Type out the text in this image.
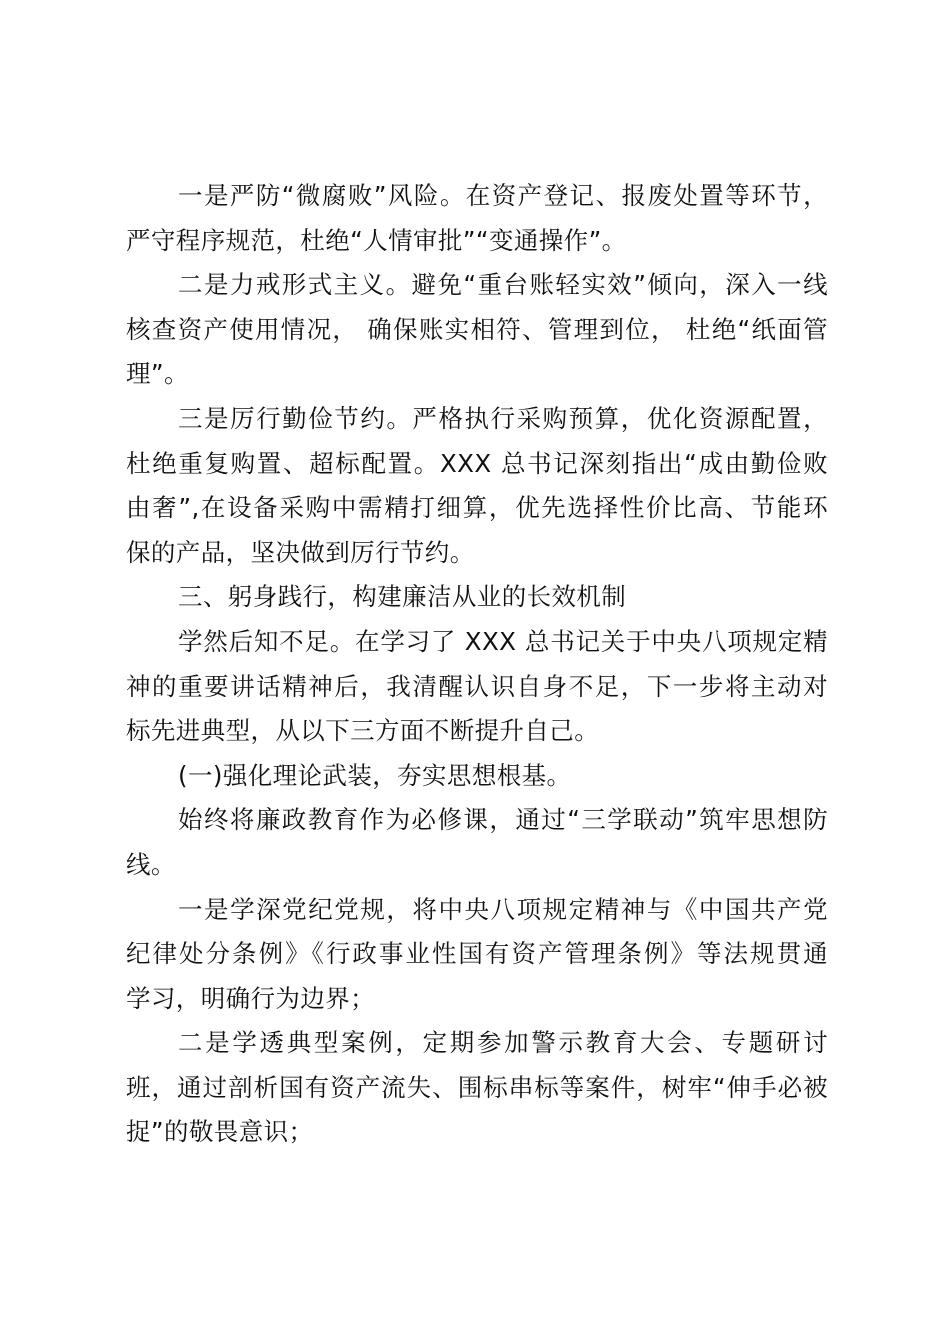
一是严防“微腐败”风险。在资产登记、报废处置等环节，
严守程序规范，杜绝“人情审批”“变通操作”。
二是力戒形式主义。避免“重台账轻实效”倾向，深入一线
核查资产使用情况， 确保账实相符、管理到位， 杜绝“纸面管
理”。
三是厉行勤俭节约。严格执行采购预算，优化资源配置，
杜绝重复购置、超标配置。XXX 总书记深刻指出“成由勤俭败
由奢”,在设备采购中需精打细算，优先选择性价比高、节能环
保的产品，坚决做到厉行节约。
三、躬身践行，构建廉洁从业的长效机制
学然后知不足。在学习了 XXX 总书记关于中央八项规定精
神的重要讲话精神后，我清醒认识自身不足，下一步将主动对
标先进典型，从以下三方面不断提升自己。
(一)强化理论武装，夯实思想根基。
始终将廉政教育作为必修课，通过“三学联动”筑牢思想防
线。
一是学深党纪党规，将中央八项规定精神与《中国共产党
纪律处分条例》《行政事业性国有资产管理条例》等法规贯通
学习，明确行为边界；
二是学透典型案例，定期参加警示教育大会、专题研讨
班，通过剖析国有资产流失、围标串标等案件，树牢“伸手必被
捉”的敬畏意识；
